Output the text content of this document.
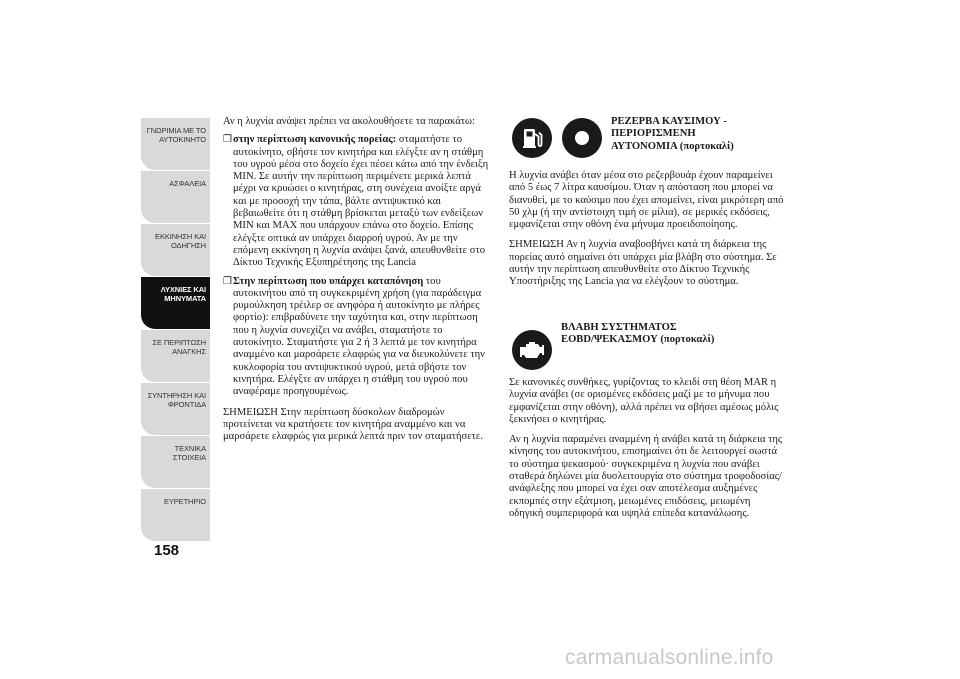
ΓΝΩΡΙΜΙΑ ΜΕ ΤΟ
ΑΥΤΟΚΙΝΗΤΟ
ΑΣΦΑΛΕΙΑ
ΕΚΚΙΝΗΣΗ ΚΑΙ
ΟΔΗΓΗΣΗ
ΛΥΧΝΙΕΣ ΚΑΙ
ΜΗΝΥΜΑΤΑ
ΣΕ ΠΕΡΙΠΤΩΣΗ
ΑΝΑΓΚΗΣ
ΣΥΝΤΗΡΗΣΗ ΚΑΙ
ΦΡΟΝΤΙΔΑ
ΤΕΧΝΙΚΑ ΣΤΟΙΧΕΙΑ
ΕΥΡΕΤΗΡΙΟ
158

Αν η λυχνία ανάψει πρέπει να ακολουθήσετε τα παρακάτω:

❐ στην περίπτωση κανονικής πορείας: σταματήστε το αυτοκίνητο, σβήστε τον κινητήρα και ελέγξτε αν η στάθμη του υγρού μέσα στο δοχείο έχει πέσει κάτω από την ένδειξη MIN. Σε αυτήν την περίπτωση περιμένετε μερικά λεπτά μέχρι να κρυώσει ο κινητήρας, στη συνέχεια ανοίξτε αργά και με προσοχή την τάπα, βάλτε αντιψυκτικό και βεβαιωθείτε ότι η στάθμη βρίσκεται μεταξύ των ενδείξεων MIN και MAX που υπάρχουν επάνω στο δοχείο. Επίσης ελέγξτε οπτικά αν υπάρχει διαρροή υγρού. Αν με την επόμενη εκκίνηση η λυχνία ανάψει ξανά, απευθυνθείτε στο Δίκτυο Τεχνικής Εξυπηρέτησης της Lancia
❐ Στην περίπτωση που υπάρχει καταπόνηση του αυτοκινήτου από τη συγκεκριμένη χρήση (για παράδειγμα ρυμούλκηση τρέιλερ σε ανηφόρα ή αυτοκίνητο με πλήρες φορτίο): επιβραδύνετε την ταχύτητα και, στην περίπτωση που η λυχνία συνεχίζει να ανάβει, σταματήστε το αυτοκίνητο. Σταματήστε για 2 ή 3 λεπτά με τον κινητήρα αναμμένο και μαρσάρετε ελαφρώς για να διευκολύνετε την κυκλοφορία του αντιψυκτικού υγρού, μετά σβήστε τον κινητήρα. Ελέγξτε αν υπάρχει η στάθμη του υγρού που αναφέραμε προηγουμένως.

ΣΗΜΕΙΩΣΗ Στην περίπτωση δύσκολων διαδρομών προτείνεται να κρατήσετε τον κινητήρα αναμμένο και να μαρσάρετε ελαφρώς για μερικά λεπτά πριν τον σταματήσετε.

ΡΕΖΕΡΒΑ ΚΑΥΣΙΜΟΥ -
ΠΕΡΙΟΡΙΣΜΕΝΗ
ΑΥΤΟΝΟΜΙΑ (πορτοκαλί)

Η λυχνία ανάβει όταν μέσα στο ρεζερβουάρ έχουν παραμείνει από 5 έως 7 λίτρα καυσίμου. Όταν η απόσταση που μπορεί να διανυθεί, με το καύσιμο που έχει απομείνει, είναι μικρότερη από 50 χλμ (ή την αντίστοιχη τιμή σε μίλια), σε μερικές εκδόσεις, εμφανίζεται στην οθόνη ένα μήνυμα προειδοποίησης.

ΣΗΜΕΙΩΣΗ Αν η λυχνία αναβοσβήνει κατά τη διάρκεια της πορείας αυτό σημαίνει ότι υπάρχει μία βλάβη στο σύστημα. Σε αυτήν την περίπτωση απευθυνθείτε στο Δίκτυο Τεχνικής Υποστήριξης της Lancia για να ελέγξουν το σύστημα.

ΒΛΑΒΗ ΣΥΣΤΗΜΑΤΟΣ
EOBD/ΨΕΚΑΣΜΟΥ (πορτοκαλί)

Σε κανονικές συνθήκες, γυρίζοντας το κλειδί στη θέση MAR η λυχνία ανάβει (σε ορισμένες εκδόσεις μαζί με το μήνυμα που εμφανίζεται στην οθόνη), αλλά πρέπει να σβήσει αμέσως μόλις ξεκινήσει ο κινητήρας.

Αν η λυχνία παραμένει αναμμένη ή ανάβει κατά τη διάρκεια της κίνησης του αυτοκινήτου, επισημαίνει ότι δε λειτουργεί σωστά το σύστημα ψεκασμού· συγκεκριμένα η λυχνία που ανάβει σταθερά δηλώνει μία δυσλειτουργία στο σύστημα τροφοδοσίας/ανάφλεξης που μπορεί να έχει σαν αποτέλεσμα αυξημένες εκπομπές στην εξάτμιση, μειωμένες επιδόσεις, μειωμένη οδηγική συμπεριφορά και υψηλά επίπεδα κατανάλωσης.

carmanualsonline.info
